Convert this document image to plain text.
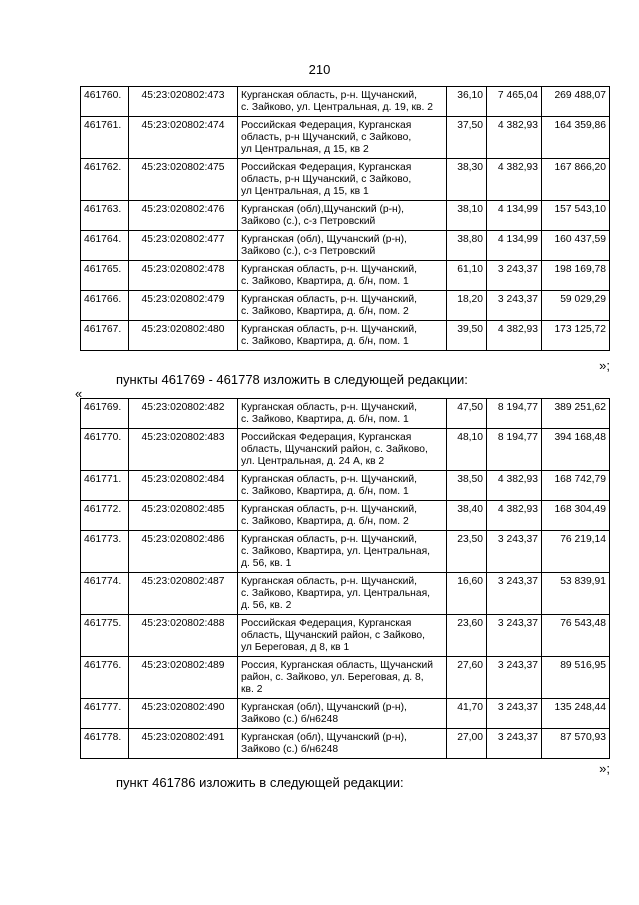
210
461760.	45:23:020802:473	Курганская область, р-н. Щучанский,
с. Зайково, ул. Центральная, д. 19, кв. 2	36,10	7 465,04	269 488,07
461761.	45:23:020802:474	Российская Федерация, Курганская
область, р-н Щучанский, с Зайково,
ул Центральная, д 15, кв 2	37,50	4 382,93	164 359,86
461762.	45:23:020802:475	Российская Федерация, Курганская
область, р-н Щучанский, с Зайково,
ул Центральная, д 15, кв 1	38,30	4 382,93	167 866,20
461763.	45:23:020802:476	Курганская (обл),Щучанский (р-н),
Зайково (с.), с-з Петровский	38,10	4 134,99	157 543,10
461764.	45:23:020802:477	Курганская (обл), Щучанский (р-н),
Зайково (с.), с-з Петровский	38,80	4 134,99	160 437,59
461765.	45:23:020802:478	Курганская область, р-н. Щучанский,
с. Зайково, Квартира, д. б/н, пом. 1	61,10	3 243,37	198 169,78
461766.	45:23:020802:479	Курганская область, р-н. Щучанский,
с. Зайково, Квартира, д. б/н, пом. 2	18,20	3 243,37	59 029,29
461767.	45:23:020802:480	Курганская область, р-н. Щучанский,
с. Зайково, Квартира, д. б/н, пом. 1	39,50	4 382,93	173 125,72
»;
пункты 461769 - 461778 изложить в следующей редакции:
«
461769.	45:23:020802:482	Курганская область, р-н. Щучанский,
с. Зайково, Квартира, д. б/н, пом. 1	47,50	8 194,77	389 251,62
461770.	45:23:020802:483	Российская Федерация, Курганская
область, Щучанский район, с. Зайково,
ул. Центральная, д. 24 А, кв 2	48,10	8 194,77	394 168,48
461771.	45:23:020802:484	Курганская область, р-н. Щучанский,
с. Зайково, Квартира, д. б/н, пом. 1	38,50	4 382,93	168 742,79
461772.	45:23:020802:485	Курганская область, р-н. Щучанский,
с. Зайково, Квартира, д. б/н, пом. 2	38,40	4 382,93	168 304,49
461773.	45:23:020802:486	Курганская область, р-н. Щучанский,
с. Зайково, Квартира, ул. Центральная,
д. 56, кв. 1	23,50	3 243,37	76 219,14
461774.	45:23:020802:487	Курганская область, р-н. Щучанский,
с. Зайково, Квартира, ул. Центральная,
д. 56, кв. 2	16,60	3 243,37	53 839,91
461775.	45:23:020802:488	Российская Федерация, Курганская
область, Щучанский район, с Зайково,
ул Береговая, д 8, кв 1	23,60	3 243,37	76 543,48
461776.	45:23:020802:489	Россия, Курганская область, Щучанский
район, с. Зайково, ул. Береговая, д. 8,
кв. 2	27,60	3 243,37	89 516,95
461777.	45:23:020802:490	Курганская (обл), Щучанский (р-н),
Зайково (с.) б/н6248	41,70	3 243,37	135 248,44
461778.	45:23:020802:491	Курганская (обл), Щучанский (р-н),
Зайково (с.) б/н6248	27,00	3 243,37	87 570,93
»;
пункт 461786 изложить в следующей редакции:
